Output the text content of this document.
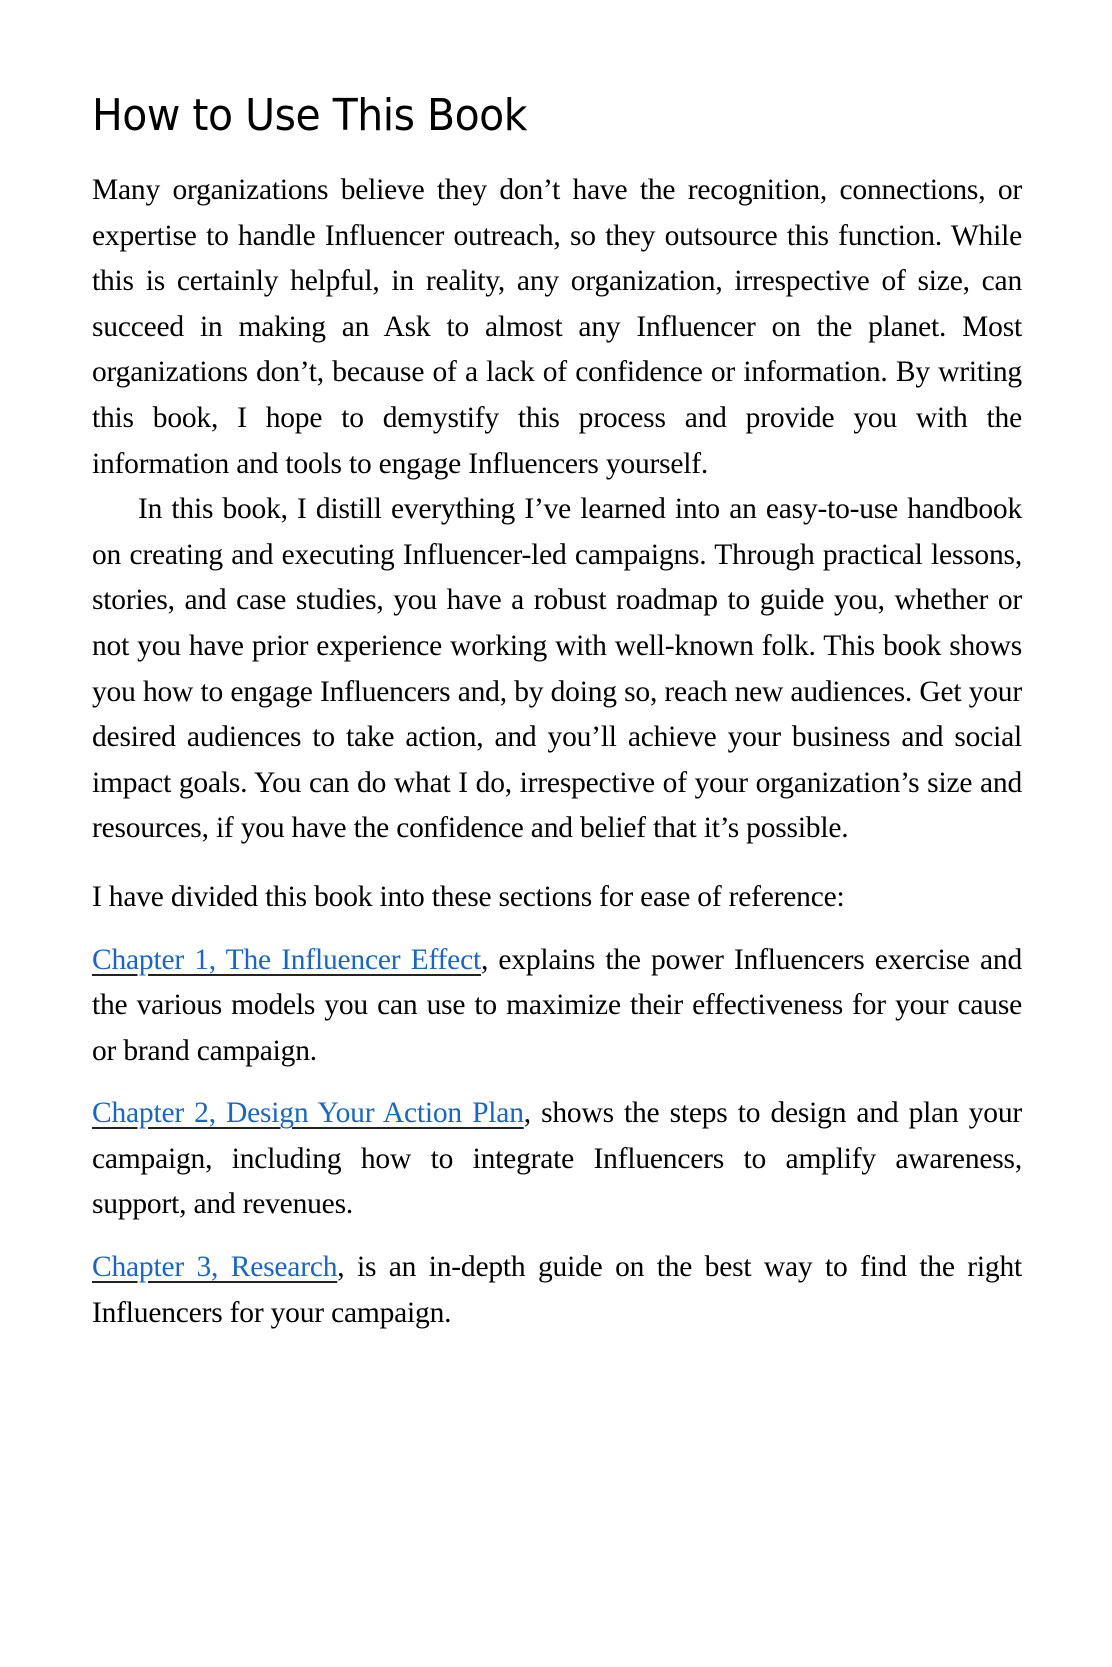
How to Use This Book

Many organizations believe they don’t have the recognition, connections, or expertise to handle Influencer outreach, so they outsource this function. While this is certainly helpful, in reality, any organization, irrespective of size, can succeed in making an Ask to almost any Influencer on the planet. Most organizations don’t, because of a lack of confidence or information. By writing this book, I hope to demystify this process and provide you with the information and tools to engage Influencers yourself.

In this book, I distill everything I’ve learned into an easy-to-use handbook on creating and executing Influencer-led campaigns. Through practical lessons, stories, and case studies, you have a robust roadmap to guide you, whether or not you have prior experience working with well-known folk. This book shows you how to engage Influencers and, by doing so, reach new audiences. Get your desired audiences to take action, and you’ll achieve your business and social impact goals. You can do what I do, irrespective of your organization’s size and resources, if you have the confidence and belief that it’s possible.

I have divided this book into these sections for ease of reference:

Chapter 1, The Influencer Effect, explains the power Influencers exercise and the various models you can use to maximize their effectiveness for your cause or brand campaign.

Chapter 2, Design Your Action Plan, shows the steps to design and plan your campaign, including how to integrate Influencers to amplify awareness, support, and revenues.

Chapter 3, Research, is an in-depth guide on the best way to find the right Influencers for your campaign.
